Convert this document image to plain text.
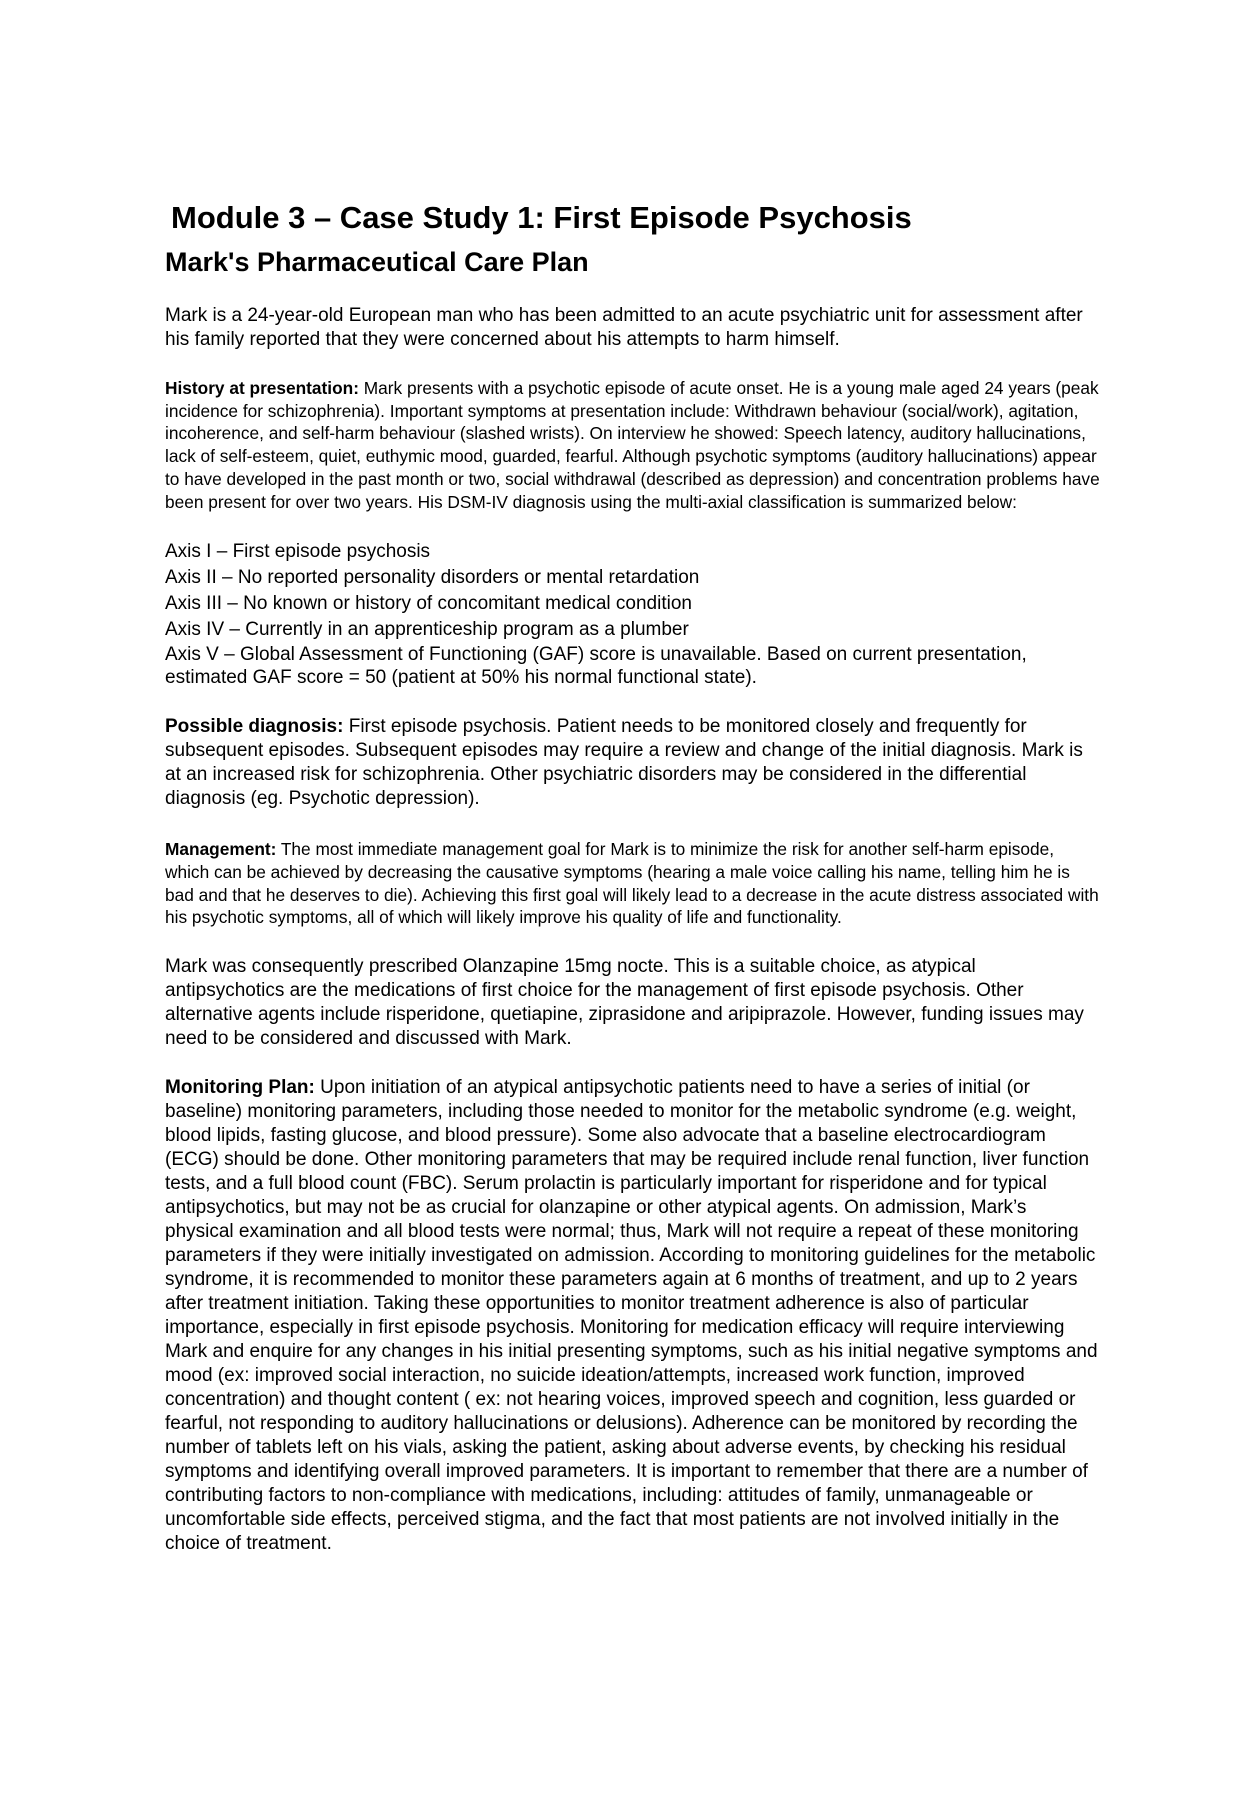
Module 3 – Case Study 1: First Episode Psychosis
Mark's Pharmaceutical Care Plan

Mark is a 24-year-old European man who has been admitted to an acute psychiatric unit for assessment after his family reported that they were concerned about his attempts to harm himself.

History at presentation: Mark presents with a psychotic episode of acute onset. He is a young male aged 24 years (peak incidence for schizophrenia). Important symptoms at presentation include: Withdrawn behaviour (social/work), agitation, incoherence, and self-harm behaviour (slashed wrists). On interview he showed: Speech latency, auditory hallucinations, lack of self-esteem, quiet, euthymic mood, guarded, fearful. Although psychotic symptoms (auditory hallucinations) appear to have developed in the past month or two, social withdrawal (described as depression) and concentration problems have been present for over two years. His DSM-IV diagnosis using the multi-axial classification is summarized below:

Axis I – First episode psychosis

Axis II – No reported personality disorders or mental retardation

Axis III – No known or history of concomitant medical condition

Axis IV – Currently in an apprenticeship program as a plumber

Axis V – Global Assessment of Functioning (GAF) score is unavailable. Based on current presentation, estimated GAF score = 50 (patient at 50% his normal functional state).

Possible diagnosis: First episode psychosis. Patient needs to be monitored closely and frequently for subsequent episodes. Subsequent episodes may require a review and change of the initial diagnosis. Mark is at an increased risk for schizophrenia. Other psychiatric disorders may be considered in the differential diagnosis (eg. Psychotic depression).

Management: The most immediate management goal for Mark is to minimize the risk for another self-harm episode, which can be achieved by decreasing the causative symptoms (hearing a male voice calling his name, telling him he is bad and that he deserves to die). Achieving this first goal will likely lead to a decrease in the acute distress associated with his psychotic symptoms, all of which will likely improve his quality of life and functionality.

Mark was consequently prescribed Olanzapine 15mg nocte. This is a suitable choice, as atypical antipsychotics are the medications of first choice for the management of first episode psychosis. Other alternative agents include risperidone, quetiapine, ziprasidone and aripiprazole. However, funding issues may need to be considered and discussed with Mark.

Monitoring Plan: Upon initiation of an atypical antipsychotic patients need to have a series of initial (or baseline) monitoring parameters, including those needed to monitor for the metabolic syndrome (e.g. weight, blood lipids, fasting glucose, and blood pressure). Some also advocate that a baseline electrocardiogram (ECG) should be done. Other monitoring parameters that may be required include renal function, liver function tests, and a full blood count (FBC). Serum prolactin is particularly important for risperidone and for typical antipsychotics, but may not be as crucial for olanzapine or other atypical agents. On admission, Mark’s physical examination and all blood tests were normal; thus, Mark will not require a repeat of these monitoring parameters if they were initially investigated on admission. According to monitoring guidelines for the metabolic syndrome, it is recommended to monitor these parameters again at 6 months of treatment, and up to 2 years after treatment initiation. Taking these opportunities to monitor treatment adherence is also of particular importance, especially in first episode psychosis. Monitoring for medication efficacy will require interviewing Mark and enquire for any changes in his initial presenting symptoms, such as his initial negative symptoms and mood (ex: improved social interaction, no suicide ideation/attempts, increased work function, improved concentration) and thought content ( ex: not hearing voices, improved speech and cognition, less guarded or fearful, not responding to auditory hallucinations or delusions). Adherence can be monitored by recording the number of tablets left on his vials, asking the patient, asking about adverse events, by checking his residual symptoms and identifying overall improved parameters. It is important to remember that there are a number of contributing factors to non-compliance with medications, including: attitudes of family, unmanageable or uncomfortable side effects, perceived stigma, and the fact that most patients are not involved initially in the choice of treatment.
